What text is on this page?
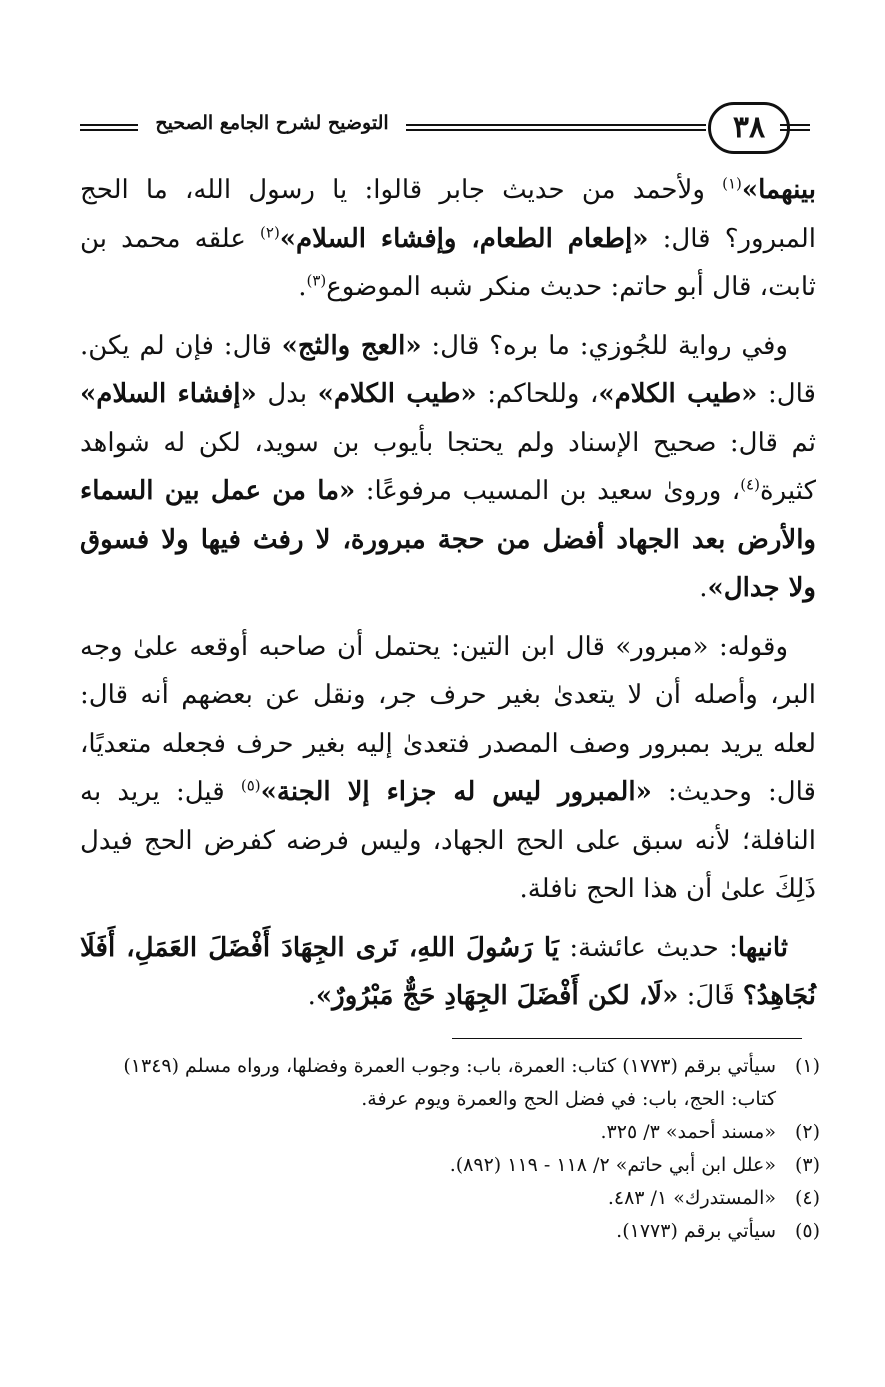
التوضيح لشرح الجامع الصحيح	٣٨

بينهما»$^{(١)}$ ولأحمد من حديث جابر قالوا: يا رسول الله، ما الحج المبرور؟ قال: «إطعام الطعام، وإفشاء السلام»$^{(٢)}$ علقه محمد بن ثابت، قال أبو حاتم: حديث منكر شبه الموضوع$^{(٣)}$.

وفي رواية للجُوزي: ما بره؟ قال: «العج والثج» قال: فإن لم يكن. قال: «طيب الكلام»، وللحاكم: «طيب الكلام» بدل «إفشاء السلام» ثم قال: صحيح الإسناد ولم يحتجا بأيوب بن سويد، لكن له شواهد كثيرة$^{(٤)}$، وروىٰ سعيد بن المسيب مرفوعًا: «ما من عمل بين السماء والأرض بعد الجهاد أفضل من حجة مبرورة، لا رفث فيها ولا فسوق ولا جدال».

وقوله: «مبرور» قال ابن التين: يحتمل أن صاحبه أوقعه علىٰ وجه البر، وأصله أن لا يتعدىٰ بغير حرف جر، ونقل عن بعضهم أنه قال: لعله يريد بمبرور وصف المصدر فتعدىٰ إليه بغير حرف فجعله متعديًا، قال: وحديث: «المبرور ليس له جزاء إلا الجنة»$^{(٥)}$ قيل: يريد به النافلة؛ لأنه سبق على الحج الجهاد، وليس فرضه كفرض الحج فيدل ذَلِكَ علىٰ أن هذا الحج نافلة.

ثانيها: حديث عائشة: يَا رَسُولَ اللهِ، نَرى الجِهَادَ أَفْضَلَ العَمَلِ، أَفَلَا نُجَاهِدُ؟ قَالَ: «لَا، لكن أَفْضَلَ الجِهَادِ حَجٌّ مَبْرُورٌ».

(١)
سيأتي برقم (١٧٧٣) كتاب: العمرة، باب: وجوب العمرة وفضلها، ورواه مسلم (١٣٤٩) كتاب: الحج، باب: في فضل الحج والعمرة ويوم عرفة.
(٢)
«مسند أحمد» ٣/ ٣٢٥.
(٣)
«علل ابن أبي حاتم» ٢/ ١١٨ - ١١٩ (٨٩٢).
(٤)
«المستدرك» ١/ ٤٨٣.
(٥)
سيأتي برقم (١٧٧٣).
